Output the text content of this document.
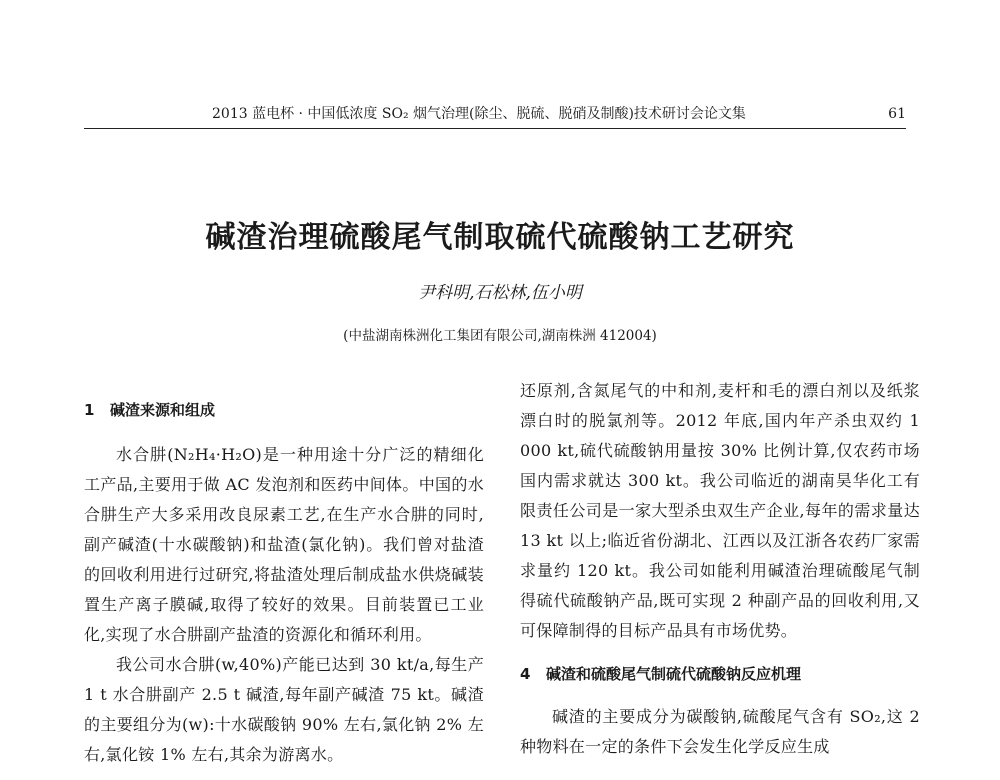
2013 蓝电杯 · 中国低浓度 SO₂ 烟气治理(除尘、脱硫、脱硝及制酸)技术研讨会论文集	61
碱渣治理硫酸尾气制取硫代硫酸钠工艺研究
尹科明,石松林,伍小明
(中盐湖南株洲化工集团有限公司,湖南株洲 412004)
1 碱渣来源和组成

水合肼(N₂H₄·H₂O)是一种用途十分广泛的精细化工产品,主要用于做 AC 发泡剂和医药中间体。中国的水合肼生产大多采用改良尿素工艺,在生产水合肼的同时,副产碱渣(十水碳酸钠)和盐渣(氯化钠)。我们曾对盐渣的回收利用进行过研究,将盐渣处理后制成盐水供烧碱装置生产离子膜碱,取得了较好的效果。目前装置已工业化,实现了水合肼副产盐渣的资源化和循环利用。

我公司水合肼(w,40%)产能已达到 30 kt/a,每生产 1 t 水合肼副产 2.5 t 碱渣,每年副产碱渣 75 kt。碱渣的主要组分为(w):十水碳酸钠 90% 左右,氯化钠 2% 左右,氯化铵 1% 左右,其余为游离水。

还原剂,含氮尾气的中和剂,麦杆和毛的漂白剂以及纸浆漂白时的脱氯剂等。2012 年底,国内年产杀虫双约 1 000 kt,硫代硫酸钠用量按 30% 比例计算,仅农药市场国内需求就达 300 kt。我公司临近的湖南昊华化工有限责任公司是一家大型杀虫双生产企业,每年的需求量达 13 kt 以上;临近省份湖北、江西以及江浙各农药厂家需求量约 120 kt。我公司如能利用碱渣治理硫酸尾气制得硫代硫酸钠产品,既可实现 2 种副产品的回收利用,又可保障制得的目标产品具有市场优势。

4 碱渣和硫酸尾气制硫代硫酸钠反应机理

碱渣的主要成分为碳酸钠,硫酸尾气含有 SO₂,这 2 种物料在一定的条件下会发生化学反应生成
